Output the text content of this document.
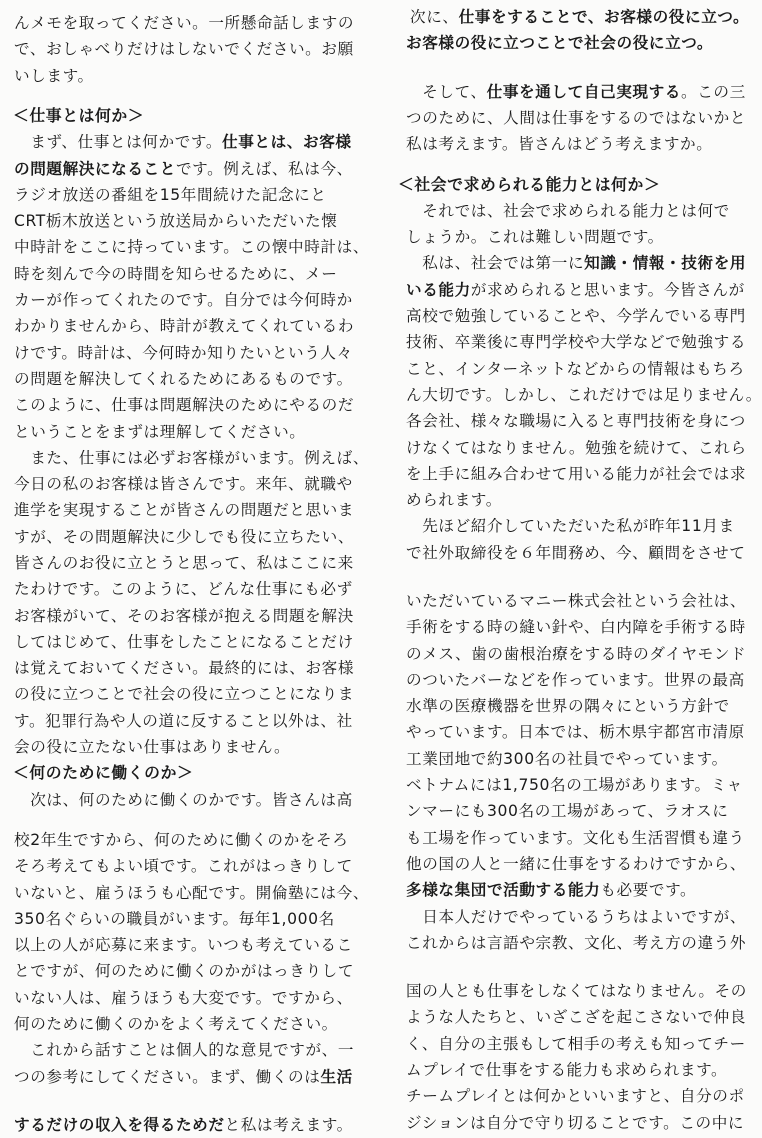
んメモを取ってください。一所懸命話しますの
で、おしゃべりだけはしないでください。お願
いします。
＜仕事とは何か＞
　まず、仕事とは何かです。仕事とは、お客様
の問題解決になることです。例えば、私は今、
ラジオ放送の番組を15年間続けた記念にと
CRT栃木放送という放送局からいただいた懐
中時計をここに持っています。この懐中時計は、
時を刻んで今の時間を知らせるために、メー
カーが作ってくれたのです。自分では今何時か
わかりませんから、時計が教えてくれているわ
けです。時計は、今何時か知りたいという人々
の問題を解決してくれるためにあるものです。
このように、仕事は問題解決のためにやるのだ
ということをまずは理解してください。
　また、仕事には必ずお客様がいます。例えば、
今日の私のお客様は皆さんです。来年、就職や
進学を実現することが皆さんの問題だと思いま
すが、その問題解決に少しでも役に立ちたい、
皆さんのお役に立とうと思って、私はここに来
たわけです。このように、どんな仕事にも必ず
お客様がいて、そのお客様が抱える問題を解決
してはじめて、仕事をしたことになることだけ
は覚えておいてください。最終的には、お客様
の役に立つことで社会の役に立つことになりま
す。犯罪行為や人の道に反すること以外は、社
会の役に立たない仕事はありません。
＜何のために働くのか＞
　次は、何のために働くのかです。皆さんは高
校2年生ですから、何のために働くのかをそろ
そろ考えてもよい頃です。これがはっきりして
いないと、雇うほうも心配です。開倫塾には今、
350名ぐらいの職員がいます。毎年1,000名
以上の人が応募に来ます。いつも考えているこ
とですが、何のために働くのかがはっきりして
いない人は、雇うほうも大変です。ですから、
何のために働くのかをよく考えてください。
　これから話すことは個人的な意見ですが、一
つの参考にしてください。まず、働くのは生活
するだけの収入を得るためだと私は考えます。
次に、仕事をすることで、お客様の役に立つ。
お客様の役に立つことで社会の役に立つ。
　そして、仕事を通して自己実現する。この三
つのために、人間は仕事をするのではないかと
私は考えます。皆さんはどう考えますか。
＜社会で求められる能力とは何か＞
　それでは、社会で求められる能力とは何で
しょうか。これは難しい問題です。
　私は、社会では第一に知識・情報・技術を用
いる能力が求められると思います。今皆さんが
高校で勉強していることや、今学んでいる専門
技術、卒業後に専門学校や大学などで勉強する
こと、インターネットなどからの情報はもちろ
ん大切です。しかし、これだけでは足りません。
各会社、様々な職場に入ると専門技術を身につ
けなくてはなりません。勉強を続けて、これら
を上手に組み合わせて用いる能力が社会では求
められます。
　先ほど紹介していただいた私が昨年11月ま
で社外取締役を６年間務め、今、顧問をさせて
いただいているマニー株式会社という会社は、
手術をする時の縫い針や、白内障を手術する時
のメス、歯の歯根治療をする時のダイヤモンド
のついたバーなどを作っています。世界の最高
水準の医療機器を世界の隅々にという方針で
やっています。日本では、栃木県宇都宮市清原
工業団地で約300名の社員でやっています。
ベトナムには1,750名の工場があります。ミャ
ンマーにも300名の工場があって、ラオスに
も工場を作っています。文化も生活習慣も違う
他の国の人と一緒に仕事をするわけですから、
多様な集団で活動する能力も必要です。
　日本人だけでやっているうちはよいですが、
これからは言語や宗教、文化、考え方の違う外
国の人とも仕事をしなくてはなりません。その
ような人たちと、いざこざを起こさないで仲良
く、自分の主張もして相手の考えも知ってチー
ムプレイで仕事をする能力も求められます。
チームプレイとは何かといいますと、自分のポ
ジションは自分で守り切ることです。この中に
